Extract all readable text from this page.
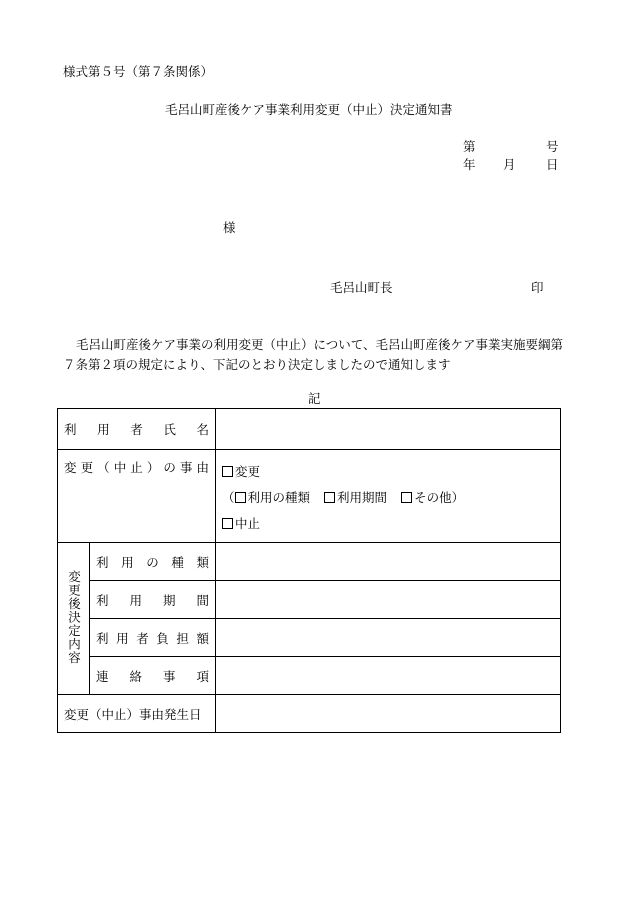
様式第５号（第７条関係）
毛呂山町産後ケア事業利用変更（中止）決定通知書
第	号
年 月 日
様
毛呂山町長	印
毛呂山町産後ケア事業の利用変更（中止）について、毛呂山町産後ケア事業実施要綱第７条第２項の規定により、下記のとおり決定しましたので通知します
記
利用者氏名		
変更（中止）の事由		変更
（ 利用の種類 利用期間 その他）
中止

変更後決定内容	利用の種類	
	利用期間	
	利用者負担額	
	連絡事項	
変更（中止）事由発生日		
